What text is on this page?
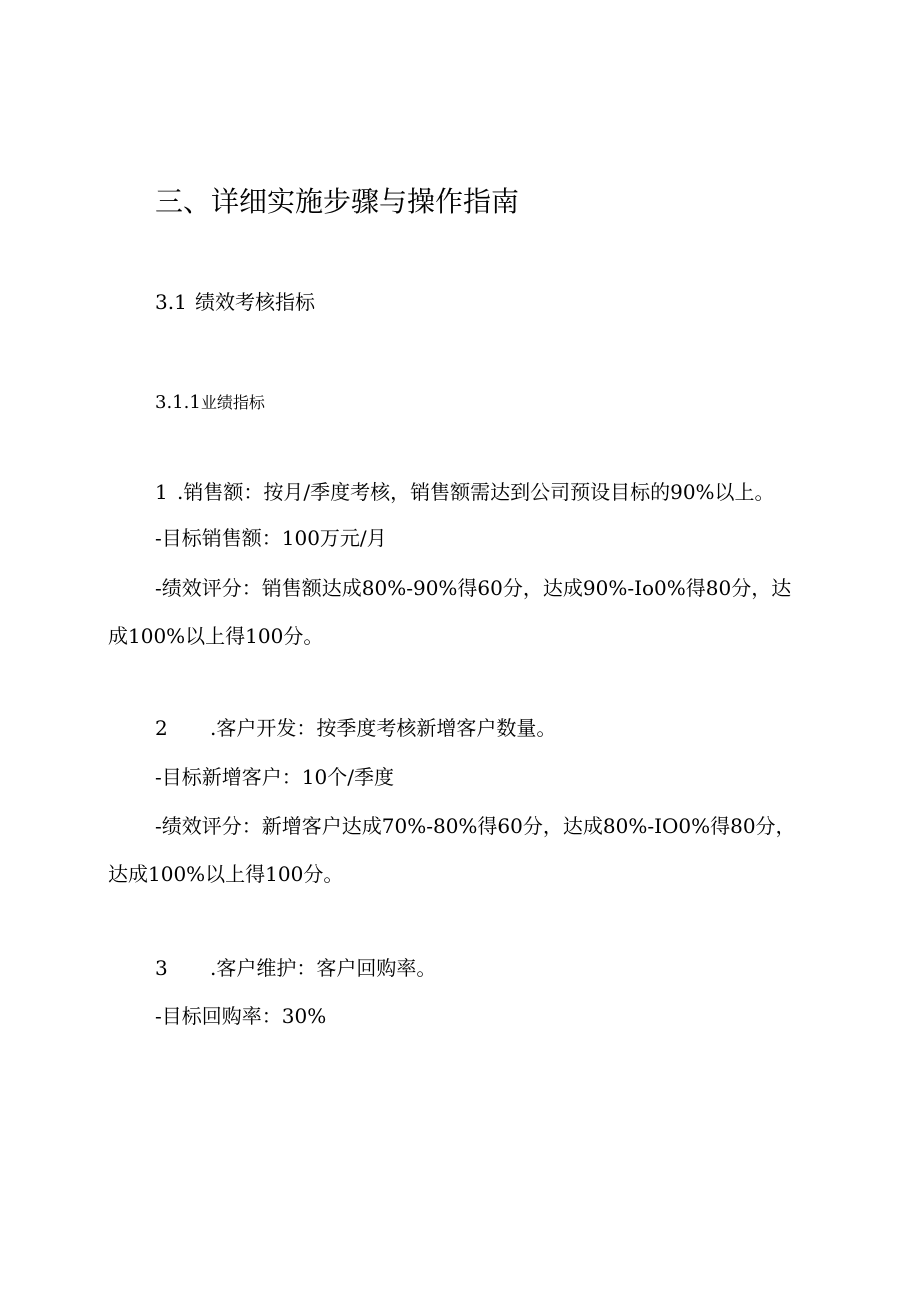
三、详细实施步骤与操作指南
3.1 绩效考核指标
3.1.1业绩指标
1 .销售额：按月/季度考核，销售额需达到公司预设目标的90%以上。
-目标销售额：100万元/月
-绩效评分：销售额达成80%-90%得60分，达成90%-Io0%得80分，达
成100%以上得100分。
2 .客户开发：按季度考核新增客户数量。
-目标新增客户：10个/季度
-绩效评分：新增客户达成70%-80%得60分，达成80%-IO0%得80分，
达成100%以上得100分。
3 .客户维护：客户回购率。
-目标回购率：30%
